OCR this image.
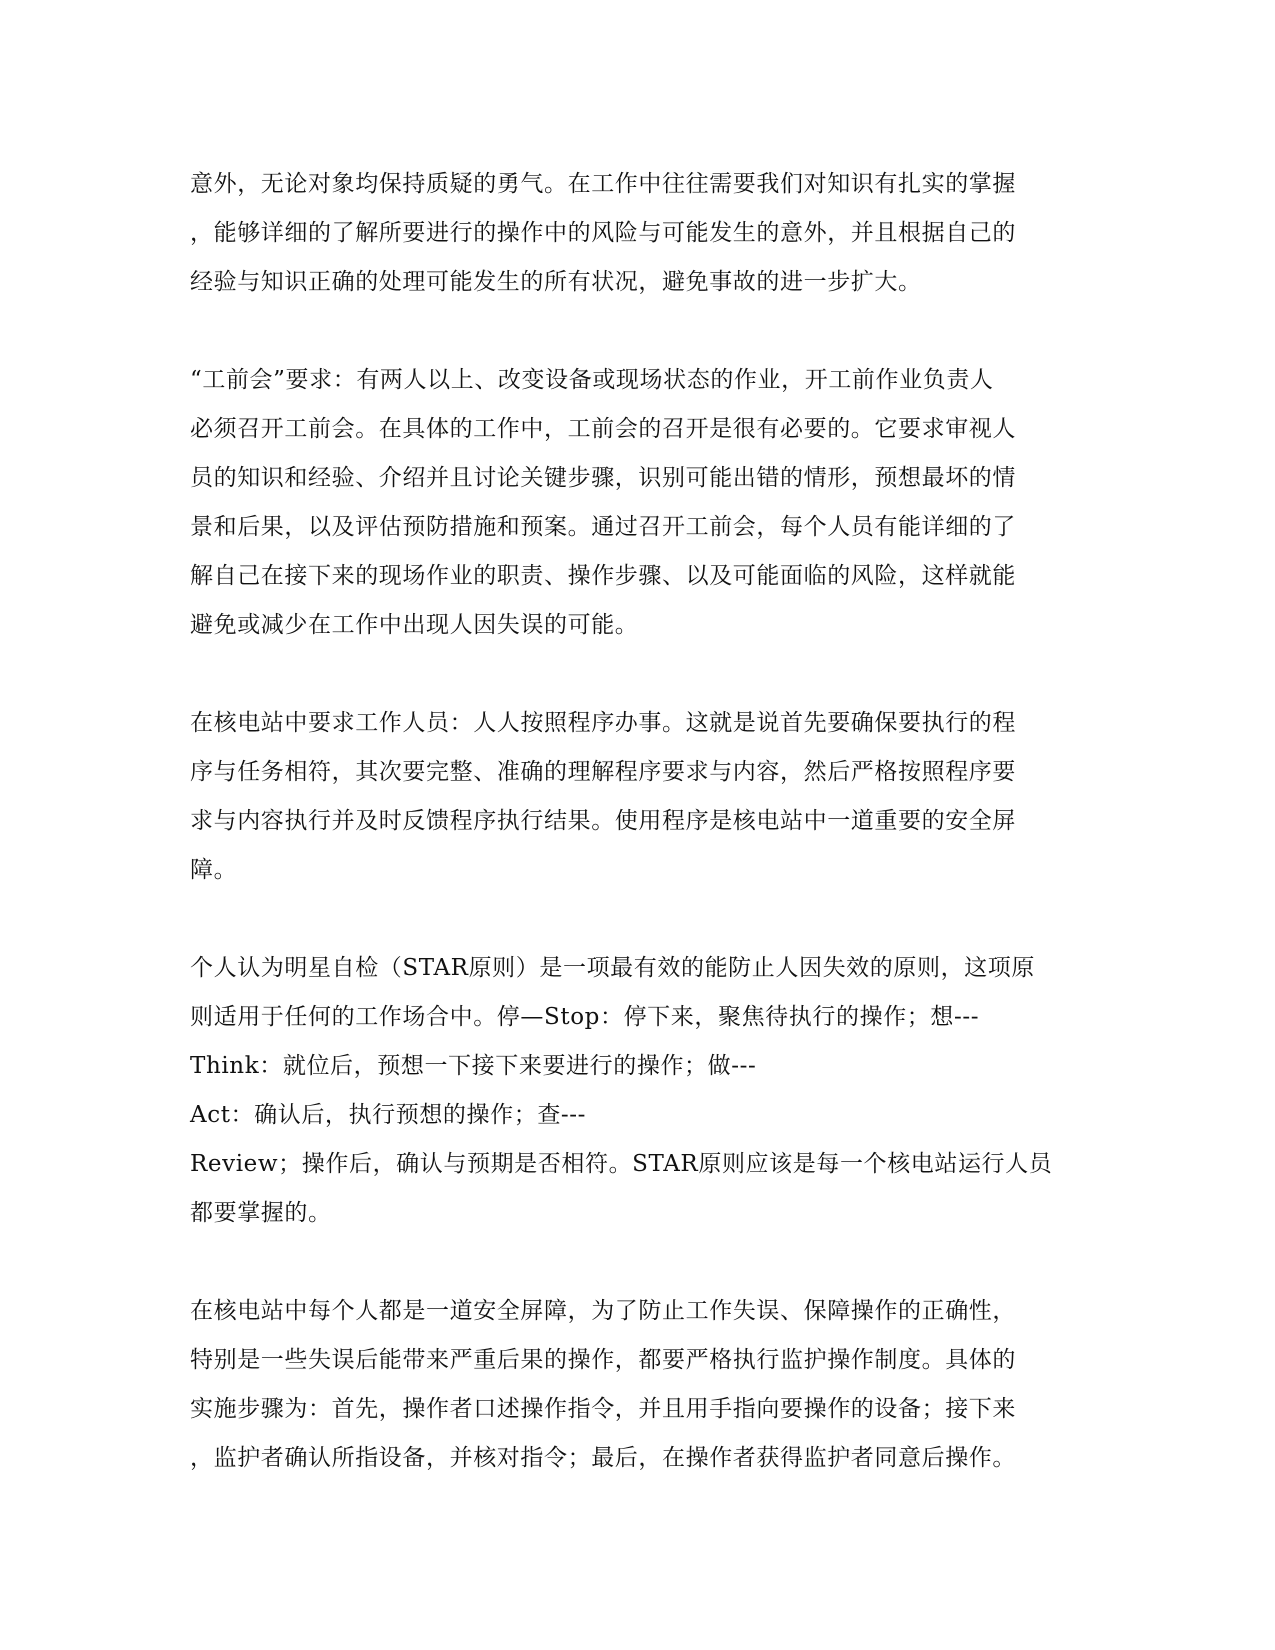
意外，无论对象均保持质疑的勇气。在工作中往往需要我们对知识有扎实的掌握
，能够详细的了解所要进行的操作中的风险与可能发生的意外，并且根据自己的
经验与知识正确的处理可能发生的所有状况，避免事故的进一步扩大。
“工前会”要求：有两人以上、改变设备或现场状态的作业，开工前作业负责人
必须召开工前会。在具体的工作中，工前会的召开是很有必要的。它要求审视人
员的知识和经验、介绍并且讨论关键步骤，识别可能出错的情形，预想最坏的情
景和后果，以及评估预防措施和预案。通过召开工前会，每个人员有能详细的了
解自己在接下来的现场作业的职责、操作步骤、以及可能面临的风险，这样就能
避免或减少在工作中出现人因失误的可能。
在核电站中要求工作人员：人人按照程序办事。这就是说首先要确保要执行的程
序与任务相符，其次要完整、准确的理解程序要求与内容，然后严格按照程序要
求与内容执行并及时反馈程序执行结果。使用程序是核电站中一道重要的安全屏
障。
个人认为明星自检（STAR原则）是一项最有效的能防止人因失效的原则，这项原
则适用于任何的工作场合中。停—Stop：停下来，聚焦待执行的操作；想---
Think：就位后，预想一下接下来要进行的操作；做---
Act：确认后，执行预想的操作；查---
Review；操作后，确认与预期是否相符。STAR原则应该是每一个核电站运行人员
都要掌握的。
在核电站中每个人都是一道安全屏障，为了防止工作失误、保障操作的正确性，
特别是一些失误后能带来严重后果的操作，都要严格执行监护操作制度。具体的
实施步骤为：首先，操作者口述操作指令，并且用手指向要操作的设备；接下来
，监护者确认所指设备，并核对指令；最后，在操作者获得监护者同意后操作。
